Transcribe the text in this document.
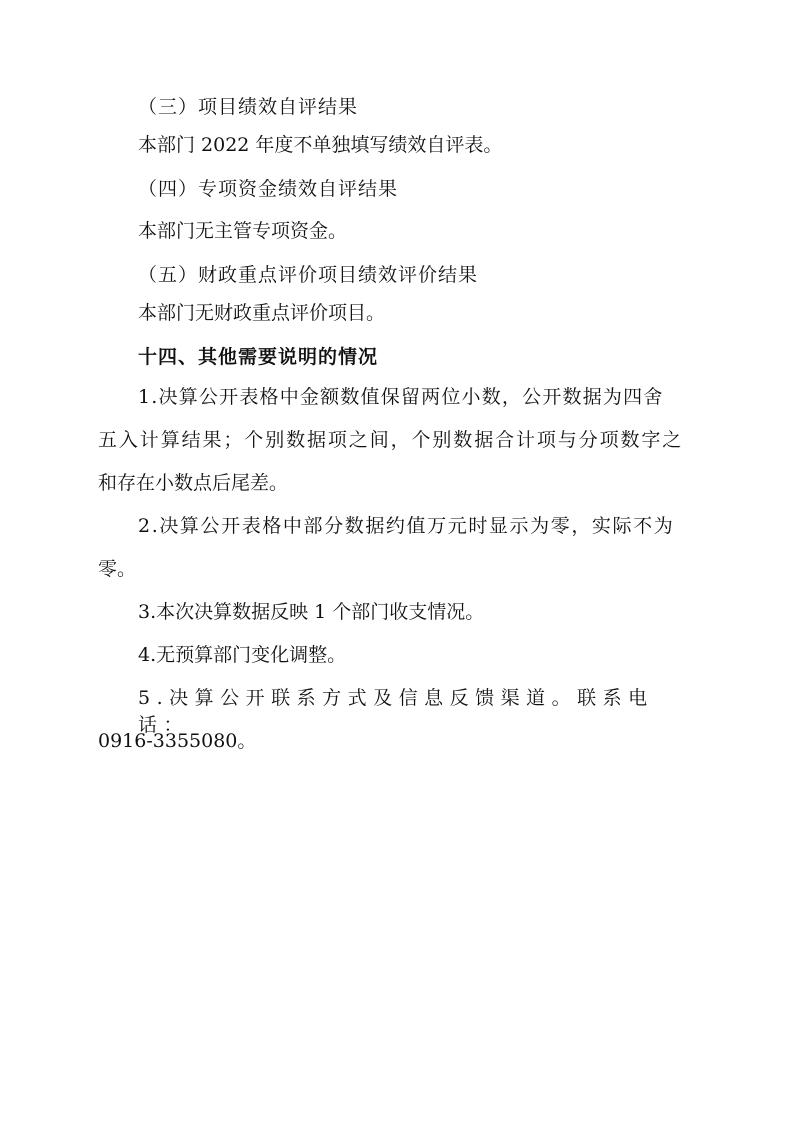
（三）项目绩效自评结果

本部门 2022 年度不单独填写绩效自评表。

（四）专项资金绩效自评结果

本部门无主管专项资金。

（五）财政重点评价项目绩效评价结果

本部门无财政重点评价项目。

十四、其他需要说明的情况

1.决算公开表格中金额数值保留两位小数，公开数据为四舍

五入计算结果；个别数据项之间，个别数据合计项与分项数字之

和存在小数点后尾差。

2.决算公开表格中部分数据约值万元时显示为零，实际不为

零。

3.本次决算数据反映 1 个部门收支情况。

4.无预算部门变化调整。

5.决算公开联系方式及信息反馈渠道。联系电话：

0916-3355080。
